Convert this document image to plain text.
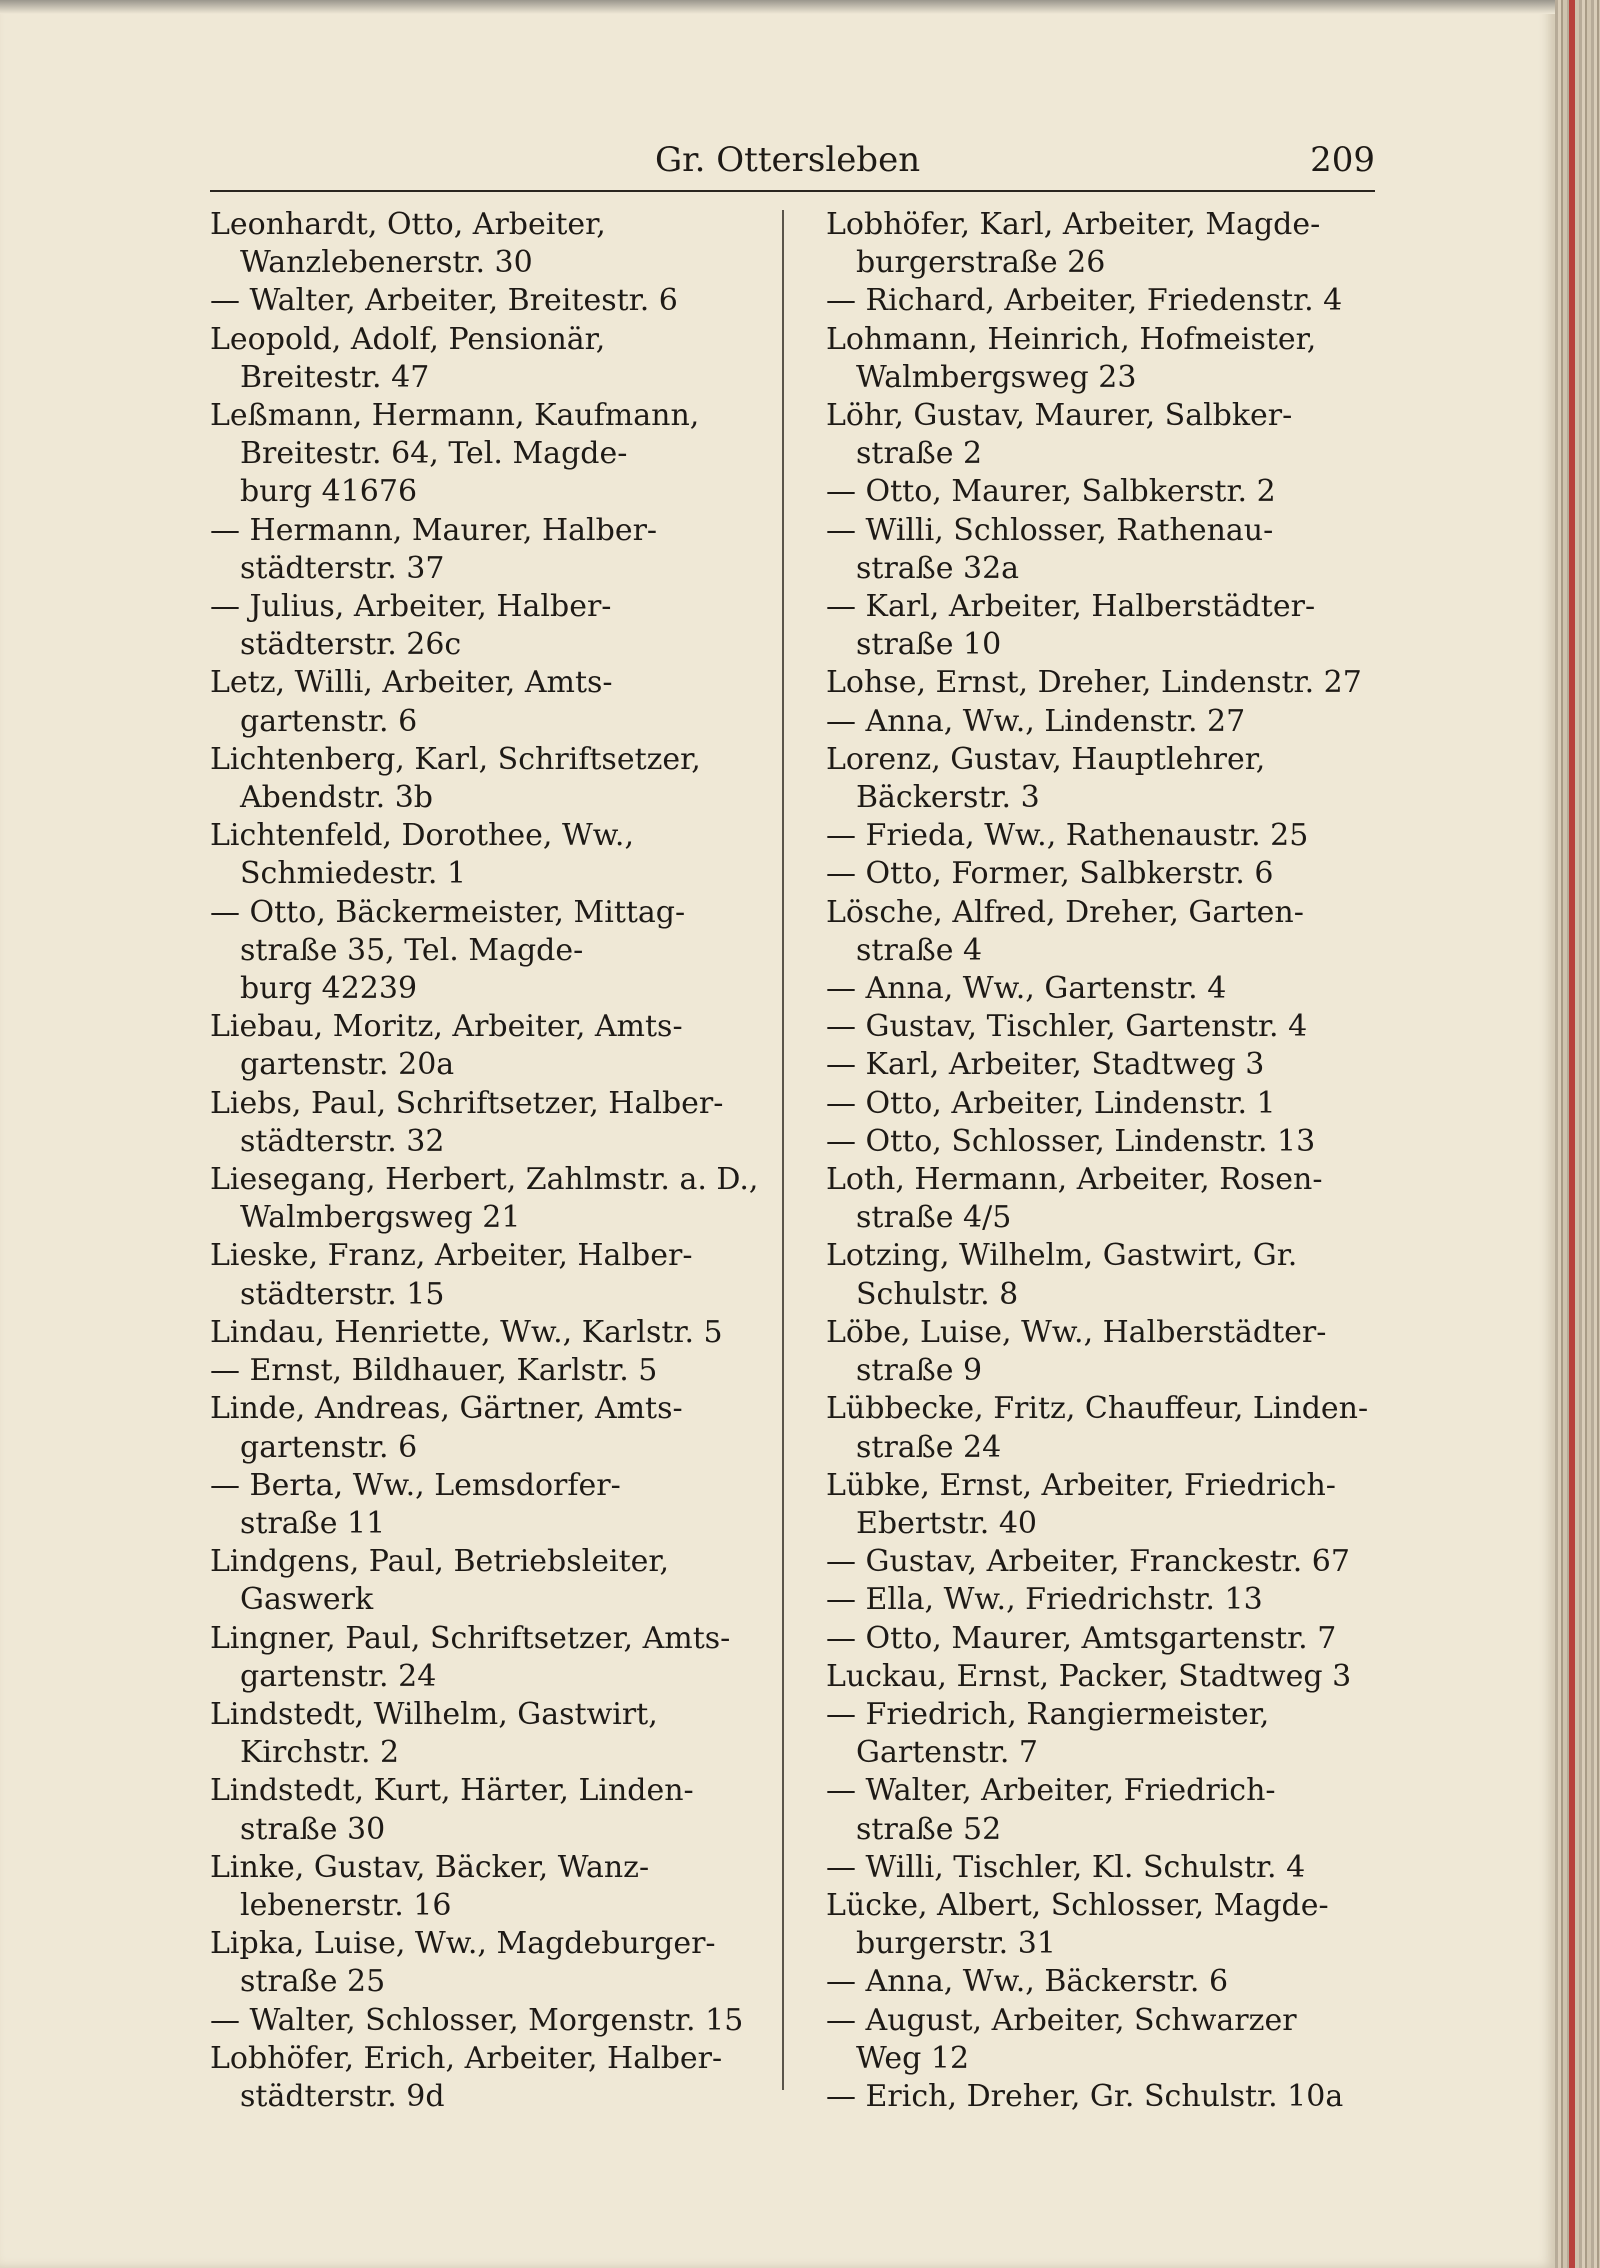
Gr. Ottersleben	209
Leonhardt, Otto, Arbeiter,
Wanzlebenerstr. 30
— Walter, Arbeiter, Breitestr. 6
Leopold, Adolf, Pensionär,
Breitestr. 47
Leßmann, Hermann, Kaufmann,
Breitestr. 64, Tel. Magde-
burg 41676
— Hermann, Maurer, Halber-
städterstr. 37
— Julius, Arbeiter, Halber-
städterstr. 26c
Letz, Willi, Arbeiter, Amts-
gartenstr. 6
Lichtenberg, Karl, Schriftsetzer,
Abendstr. 3b
Lichtenfeld, Dorothee, Ww.,
Schmiedestr. 1
— Otto, Bäckermeister, Mittag-
straße 35, Tel. Magde-
burg 42239
Liebau, Moritz, Arbeiter, Amts-
gartenstr. 20a
Liebs, Paul, Schriftsetzer, Halber-
städterstr. 32
Liesegang, Herbert, Zahlmstr. a. D.,
Walmbergsweg 21
Lieske, Franz, Arbeiter, Halber-
städterstr. 15
Lindau, Henriette, Ww., Karlstr. 5
— Ernst, Bildhauer, Karlstr. 5
Linde, Andreas, Gärtner, Amts-
gartenstr. 6
— Berta, Ww., Lemsdorfer-
straße 11
Lindgens, Paul, Betriebsleiter,
Gaswerk
Lingner, Paul, Schriftsetzer, Amts-
gartenstr. 24
Lindstedt, Wilhelm, Gastwirt,
Kirchstr. 2
Lindstedt, Kurt, Härter, Linden-
straße 30
Linke, Gustav, Bäcker, Wanz-
lebenerstr. 16
Lipka, Luise, Ww., Magdeburger-
straße 25
— Walter, Schlosser, Morgenstr. 15
Lobhöfer, Erich, Arbeiter, Halber-
städterstr. 9d
Lobhöfer, Karl, Arbeiter, Magde-
burgerstraße 26
— Richard, Arbeiter, Friedenstr. 4
Lohmann, Heinrich, Hofmeister,
Walmbergsweg 23
Löhr, Gustav, Maurer, Salbker-
straße 2
— Otto, Maurer, Salbkerstr. 2
— Willi, Schlosser, Rathenau-
straße 32a
— Karl, Arbeiter, Halberstädter-
straße 10
Lohse, Ernst, Dreher, Lindenstr. 27
— Anna, Ww., Lindenstr. 27
Lorenz, Gustav, Hauptlehrer,
Bäckerstr. 3
— Frieda, Ww., Rathenaustr. 25
— Otto, Former, Salbkerstr. 6
Lösche, Alfred, Dreher, Garten-
straße 4
— Anna, Ww., Gartenstr. 4
— Gustav, Tischler, Gartenstr. 4
— Karl, Arbeiter, Stadtweg 3
— Otto, Arbeiter, Lindenstr. 1
— Otto, Schlosser, Lindenstr. 13
Loth, Hermann, Arbeiter, Rosen-
straße 4/5
Lotzing, Wilhelm, Gastwirt, Gr.
Schulstr. 8
Löbe, Luise, Ww., Halberstädter-
straße 9
Lübbecke, Fritz, Chauffeur, Linden-
straße 24
Lübke, Ernst, Arbeiter, Friedrich-
Ebertstr. 40
— Gustav, Arbeiter, Franckestr. 67
— Ella, Ww., Friedrichstr. 13
— Otto, Maurer, Amtsgartenstr. 7
Luckau, Ernst, Packer, Stadtweg 3
— Friedrich, Rangiermeister,
Gartenstr. 7
— Walter, Arbeiter, Friedrich-
straße 52
— Willi, Tischler, Kl. Schulstr. 4
Lücke, Albert, Schlosser, Magde-
burgerstr. 31
— Anna, Ww., Bäckerstr. 6
— August, Arbeiter, Schwarzer
Weg 12
— Erich, Dreher, Gr. Schulstr. 10a
